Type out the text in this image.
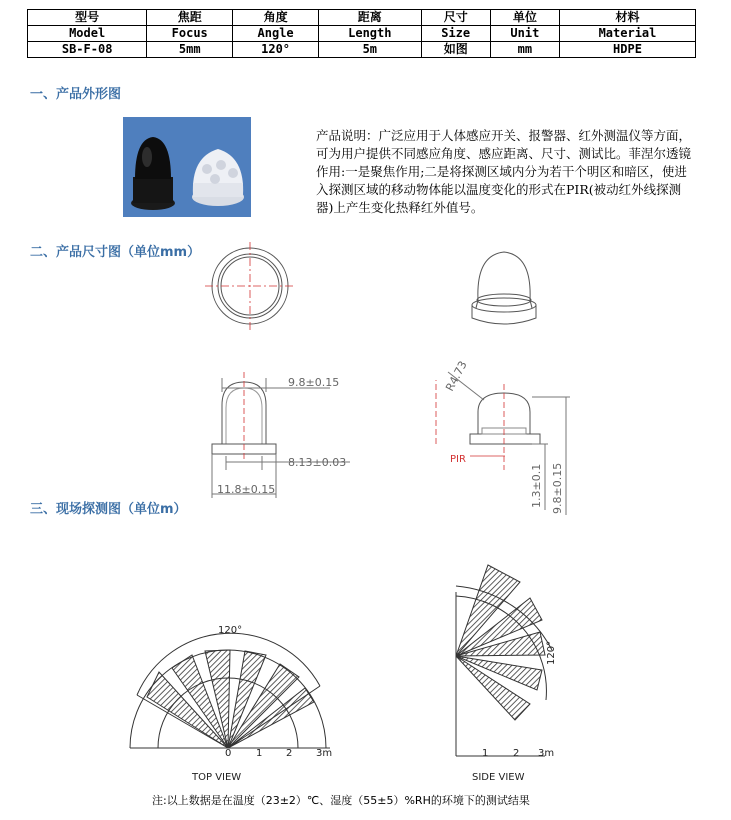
型号	焦距	角度	距离	尺寸	单位	材料
Model	Focus	Angle	Length	Size	Unit	Material
SB-F-08	5mm	120°	5m	如图	mm	HDPE
一、产品外形图
产品说明：广泛应用于人体感应开关、报警器、红外测温仪等方面，可为用户提供不同感应角度、感应距离、尺寸、测试比。菲涅尔透镜作用:一是聚焦作用;二是将探测区域内分为若干个明区和暗区，使进入探测区域的移动物体能以温度变化的形式在PIR(被动红外线探测器)上产生变化热释红外值号。
二、产品尺寸图（单位mm）
三、现场探测图（单位m）
9.8±0.15
8.13±0.03
11.8±0.15
R4.73
PIR
1.3±0.1 9.8±0.15
120°
0 1 2 3m
TOP VIEW
120°
1 2 3m
SIDE VIEW
注:以上数据是在温度（23±2）℃、湿度（55±5）%RH的环境下的测试结果
